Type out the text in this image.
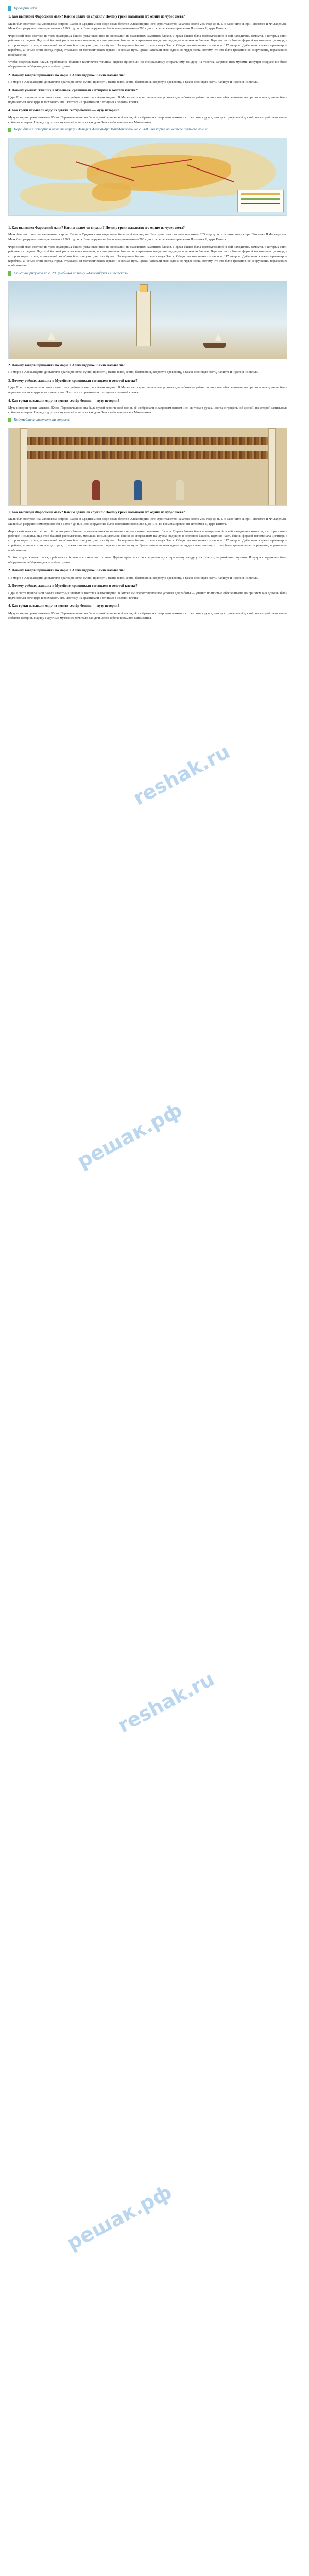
Проверим себя
1. Как выглядел Фаросский маяк? Каким целям он служил? Почему греки называли его одним из чудес света?
Маяк был построен на маленьком острове Фарос в Средиземном море возле берегов Александрии. Его строительство началось около 285 года до н. э. и закончилось при Птолемее II Филадельфе. Маяк был разрушен землетрясением в 1303 г. до н. э. Его сооружение было завершено около 283 г. до н. э., во времена правления Птолемея II, царя Египта.
Фаросский маяк состоял из трёх мраморных башен, установленных на основании из массивных каменных блоков. Первая башня была прямоугольной, в ней находились комнаты, в которых жили рабочие и солдаты. Над этой башней располагалась меньшая, восьмиугольная башня со спиральным пандусом, ведущим в верхнюю башню. Верхняя часть башни формой напоминала цилиндр, в котором горел огонь, помогавший кораблям благополучно достичь бухты. На вершине башни стояла статуя Зевса. Общая высота маяка составляла 117 метров. Днём маяк служил ориентиром кораблям, а ночью огонь всегда горел, отражаясь от металлических зеркал и освещая путь. Греки называли маяк одним из чудес света, потому что это было грандиозное сооружение, поражавшее воображение.
Чтобы поддерживать пламя, требовалось большое количество топлива. Дерево привозили по специальному спиральному пандусу на телегах, запряжённых мулами. Изнутри сооружение было оборудовано лебёдками для подъёма грузов.
2. Почему товары привозили по морю в Александрию? Какие называли?
По морю в Александрию доставляли драгоценности, сукно, пряности, ткани, вино, зерно, благовония, кедровую древесину, а также слоновую кость, папирус и изделия из стекла.
3. Почему учёных, живших в Мусейоне, сравнивали с птицами в золотой клетке?
Цари Египта приглашали самых известных учёных и поэтов в Александрию. В Мусее им предоставляли все условия для работы — учёных полностью обеспечивали, но при этом они должны были подчиняться воле царя и восхвалять его. Поэтому их сравнивали с птицами в золотой клетке.
4. Как греки называли одну из девяти сестёр-богинь — музу истории?
Музу истории греки называли Клио. Первоначально она была музой героической песни, её изображали с лавровым венком и со свитком в руках, иногда с грифельной доской, на которой записывала события истории. Наряду с другими музами её почитали как дочь Зевса и богини памяти Мнемозины.
Перейдите в историю и изучите карту «Империя Александра Македонского» на с. 260 и на карте отметьте путь его армии.
1. Как выглядел Фаросский маяк? Каким целям он служил? Почему греки называли его одним из чудес света?
Маяк был построен на маленьком острове Фарос в Средиземном море возле берегов Александрии. Его строительство началось около 285 года до н. э. и закончилось при Птолемее II Филадельфе. Маяк был разрушен землетрясением в 1303 г. до н. э. Его сооружение было завершено около 283 г. до н. э., во времена правления Птолемея II, царя Египта.
Фаросский маяк состоял из трёх мраморных башен, установленных на основании из массивных каменных блоков. Первая башня была прямоугольной, в ней находились комнаты, в которых жили рабочие и солдаты. Над этой башней располагалась меньшая, восьмиугольная башня со спиральным пандусом, ведущим в верхнюю башню. Верхняя часть башни формой напоминала цилиндр, в котором горел огонь, помогавший кораблям благополучно достичь бухты. На вершине башни стояла статуя Зевса. Общая высота маяка составляла 117 метров. Днём маяк служил ориентиром кораблям, а ночью огонь всегда горел, отражаясь от металлических зеркал и освещая путь. Греки называли маяк одним из чудес света, потому что это было грандиозное сооружение, поражавшее воображение.
Описание рисунков на с. 208 учебника на тему «Александрия Египетская».
2. Почему товары привозили по морю в Александрию? Какие называли?
По морю в Александрию доставляли драгоценности, сукно, пряности, ткани, вино, зерно, благовония, кедровую древесину, а также слоновую кость, папирус и изделия из стекла.
3. Почему учёных, живших в Мусейоне, сравнивали с птицами в золотой клетке?
Цари Египта приглашали самых известных учёных и поэтов в Александрию. В Мусее им предоставляли все условия для работы — учёных полностью обеспечивали, но при этом они должны были подчиняться воле царя и восхвалять его. Поэтому их сравнивали с птицами в золотой клетке.
4. Как греки называли одну из девяти сестёр-богинь — музу истории?
Музу истории греки называли Клио. Первоначально она была музой героической песни, её изображали с лавровым венком и со свитком в руках, иногда с грифельной доской, на которой записывала события истории. Наряду с другими музами её почитали как дочь Зевса и богини памяти Мнемозины.
Подумайте и ответьте на вопросы.
1. Как выглядел Фаросский маяк? Каким целям он служил? Почему греки называли его одним из чудес света?
Маяк был построен на маленьком острове Фарос в Средиземном море возле берегов Александрии. Его строительство началось около 285 года до н. э. и закончилось при Птолемее II Филадельфе. Маяк был разрушен землетрясением в 1303 г. до н. э. Его сооружение было завершено около 283 г. до н. э., во времена правления Птолемея II, царя Египта.
Фаросский маяк состоял из трёх мраморных башен, установленных на основании из массивных каменных блоков. Первая башня была прямоугольной, в ней находились комнаты, в которых жили рабочие и солдаты. Над этой башней располагалась меньшая, восьмиугольная башня со спиральным пандусом, ведущим в верхнюю башню. Верхняя часть башни формой напоминала цилиндр, в котором горел огонь, помогавший кораблям благополучно достичь бухты. На вершине башни стояла статуя Зевса. Общая высота маяка составляла 117 метров. Днём маяк служил ориентиром кораблям, а ночью огонь всегда горел, отражаясь от металлических зеркал и освещая путь. Греки называли маяк одним из чудес света, потому что это было грандиозное сооружение, поражавшее воображение.
Чтобы поддерживать пламя, требовалось большое количество топлива. Дерево привозили по специальному спиральному пандусу на телегах, запряжённых мулами. Изнутри сооружение было оборудовано лебёдками для подъёма грузов.
2. Почему товары привозили по морю в Александрию? Какие называли?
По морю в Александрию доставляли драгоценности, сукно, пряности, ткани, вино, зерно, благовония, кедровую древесину, а также слоновую кость, папирус и изделия из стекла.
3. Почему учёных, живших в Мусейоне, сравнивали с птицами в золотой клетке?
Цари Египта приглашали самых известных учёных и поэтов в Александрию. В Мусее им предоставляли все условия для работы — учёных полностью обеспечивали, но при этом они должны были подчиняться воле царя и восхвалять его. Поэтому их сравнивали с птицами в золотой клетке.
4. Как греки называли одну из девяти сестёр-богинь — музу истории?
Музу истории греки называли Клио. Первоначально она была музой героической песни, её изображали с лавровым венком и со свитком в руках, иногда с грифельной доской, на которой записывала события истории. Наряду с другими музами её почитали как дочь Зевса и богини памяти Мнемозины.
reshak.ru
решак.рф
reshak.ru
решак.рф
